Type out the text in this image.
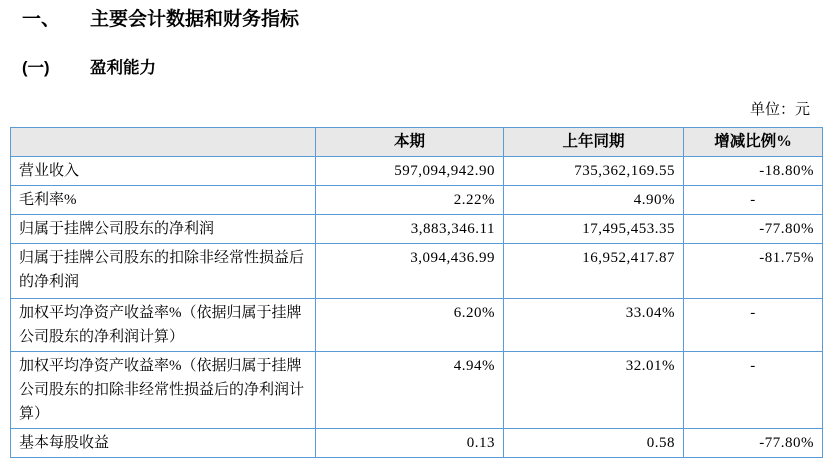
一、	主要会计数据和财务指标
(一)	盈利能力
单位：元
	本期	上年同期	增减比例%
营业收入	597,094,942.90	735,362,169.55	-18.80%
毛利率%	2.22%	4.90%	-
归属于挂牌公司股东的净利润	3,883,346.11	17,495,453.35	-77.80%
归属于挂牌公司股东的扣除非经常性损益后的净利润	3,094,436.99	16,952,417.87	-81.75%
加权平均净资产收益率%（依据归属于挂牌公司股东的净利润计算）	6.20%	33.04%	-
加权平均净资产收益率%（依据归属于挂牌公司股东的扣除非经常性损益后的净利润计算）	4.94%	32.01%	-
基本每股收益	0.13	0.58	-77.80%
